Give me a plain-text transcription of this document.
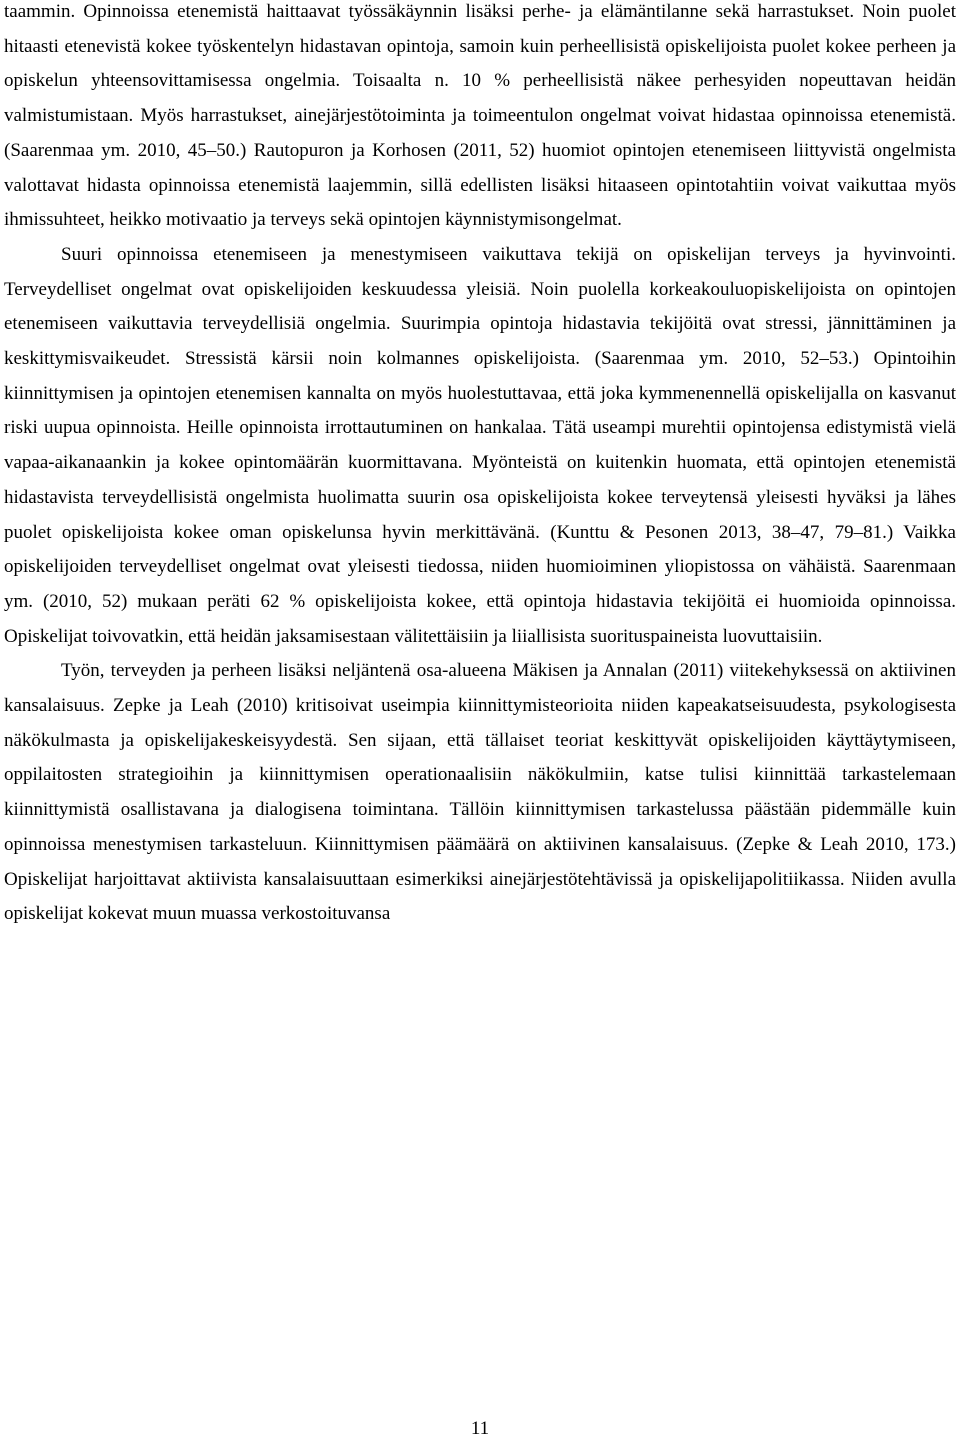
taammin. Opinnoissa etenemistä haittaavat työssäkäynnin lisäksi perhe- ja elämäntilanne sekä harrastukset. Noin puolet hitaasti etenevistä kokee työskentelyn hidastavan opintoja, samoin kuin perheellisistä opiskelijoista puolet kokee perheen ja opiskelun yhteensovittamisessa ongelmia. Toisaalta n. 10 % perheellisistä näkee perhesyiden nopeuttavan heidän valmistumistaan. Myös harrastukset, ainejärjestötoiminta ja toimeentulon ongelmat voivat hidastaa opinnoissa etenemistä. (Saarenmaa ym. 2010, 45–50.) Rautopuron ja Korhosen (2011, 52) huomiot opintojen etenemiseen liittyvistä ongelmista valottavat hidasta opinnoissa etenemistä laajemmin, sillä edellisten lisäksi hitaaseen opintotahtiin voivat vaikuttaa myös ihmissuhteet, heikko motivaatio ja terveys sekä opintojen käynnistymisongelmat.

Suuri opinnoissa etenemiseen ja menestymiseen vaikuttava tekijä on opiskelijan terveys ja hyvinvointi. Terveydelliset ongelmat ovat opiskelijoiden keskuudessa yleisiä. Noin puolella korkeakouluopiskelijoista on opintojen etenemiseen vaikuttavia terveydellisiä ongelmia. Suurimpia opintoja hidastavia tekijöitä ovat stressi, jännittäminen ja keskittymisvaikeudet. Stressistä kärsii noin kolmannes opiskelijoista. (Saarenmaa ym. 2010, 52–53.) Opintoihin kiinnittymisen ja opintojen etenemisen kannalta on myös huolestuttavaa, että joka kymmenennellä opiskelijalla on kasvanut riski uupua opinnoista. Heille opinnoista irrottautuminen on hankalaa. Tätä useampi murehtii opintojensa edistymistä vielä vapaa-aikanaankin ja kokee opintomäärän kuormittavana. Myönteistä on kuitenkin huomata, että opintojen etenemistä hidastavista terveydellisistä ongelmista huolimatta suurin osa opiskelijoista kokee terveytensä yleisesti hyväksi ja lähes puolet opiskelijoista kokee oman opiskelunsa hyvin merkittävänä. (Kunttu & Pesonen 2013, 38–47, 79–81.) Vaikka opiskelijoiden terveydelliset ongelmat ovat yleisesti tiedossa, niiden huomioiminen yliopistossa on vähäistä. Saarenmaan ym. (2010, 52) mukaan peräti 62 % opiskelijoista kokee, että opintoja hidastavia tekijöitä ei huomioida opinnoissa. Opiskelijat toivovatkin, että heidän jaksamisestaan välitettäisiin ja liiallisista suorituspaineista luovuttaisiin.

Työn, terveyden ja perheen lisäksi neljäntenä osa-alueena Mäkisen ja Annalan (2011) viitekehyksessä on aktiivinen kansalaisuus. Zepke ja Leah (2010) kritisoivat useimpia kiinnittymisteorioita niiden kapeakatseisuudesta, psykologisesta näkökulmasta ja opiskelijakeskeisyydestä. Sen sijaan, että tällaiset teoriat keskittyvät opiskelijoiden käyttäytymiseen, oppilaitosten strategioihin ja kiinnittymisen operationaalisiin näkökulmiin, katse tulisi kiinnittää tarkastelemaan kiinnittymistä osallistavana ja dialogisena toimintana. Tällöin kiinnittymisen tarkastelussa päästään pidemmälle kuin opinnoissa menestymisen tarkasteluun. Kiinnittymisen päämäärä on aktiivinen kansalaisuus. (Zepke & Leah 2010, 173.) Opiskelijat harjoittavat aktiivista kansalaisuuttaan esimerkiksi ainejärjestötehtävissä ja opiskelijapolitiikassa. Niiden avulla opiskelijat kokevat muun muassa verkostoituvansa

11
